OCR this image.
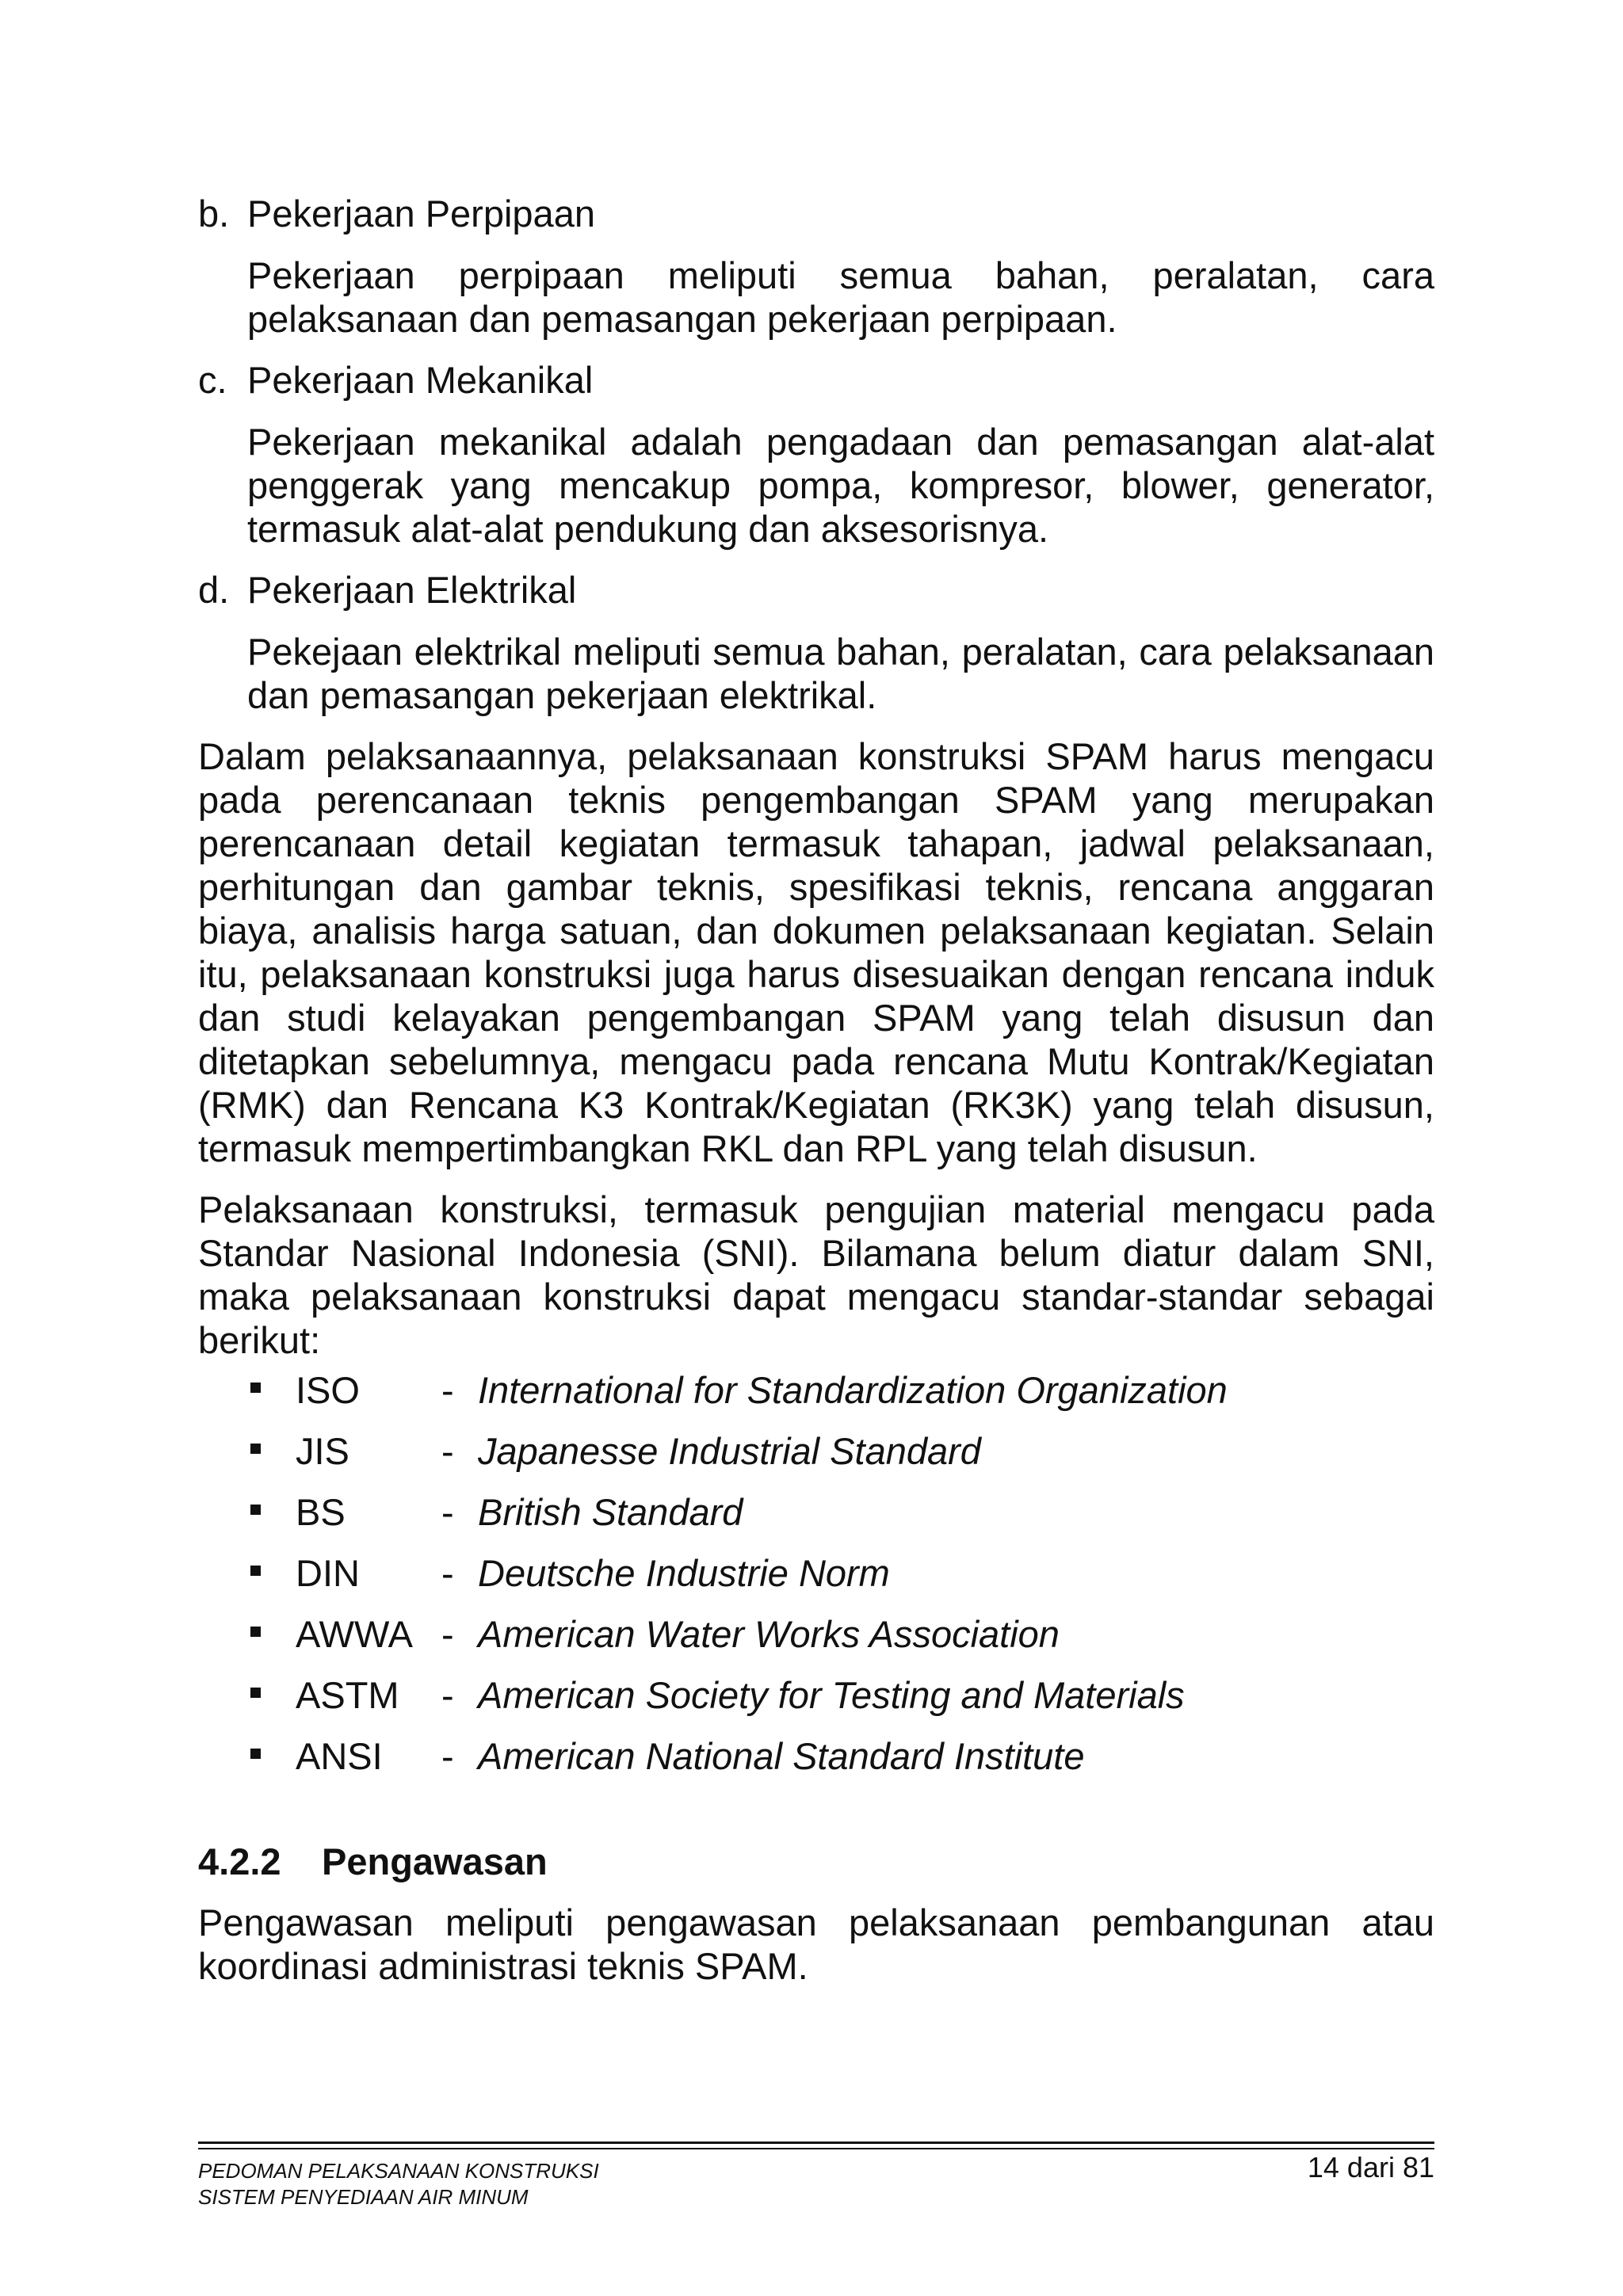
b. Pekerjaan Perpipaan
Pekerjaan perpipaan meliputi semua bahan, peralatan, cara pelaksanaan dan pemasangan pekerjaan perpipaan.
c. Pekerjaan Mekanikal
Pekerjaan mekanikal adalah pengadaan dan pemasangan alat-alat penggerak yang mencakup pompa, kompresor, blower, generator, termasuk alat-alat pendukung dan aksesorisnya.
d. Pekerjaan Elektrikal
Pekejaan elektrikal meliputi semua bahan, peralatan, cara pelaksanaan dan pemasangan pekerjaan elektrikal.

Dalam pelaksanaannya, pelaksanaan konstruksi SPAM harus mengacu pada perencanaan teknis pengembangan SPAM yang merupakan perencanaan detail kegiatan termasuk tahapan, jadwal pelaksanaan, perhitungan dan gambar teknis, spesifikasi teknis, rencana anggaran biaya, analisis harga satuan, dan dokumen pelaksanaan kegiatan. Selain itu, pelaksanaan konstruksi juga harus disesuaikan dengan rencana induk dan studi kelayakan pengembangan SPAM yang telah disusun dan ditetapkan sebelumnya, mengacu pada rencana Mutu Kontrak/Kegiatan (RMK) dan Rencana K3 Kontrak/Kegiatan (RK3K) yang telah disusun, termasuk mempertimbangkan RKL dan RPL yang telah disusun.

Pelaksanaan konstruksi, termasuk pengujian material mengacu pada Standar Nasional Indonesia (SNI). Bilamana belum diatur dalam SNI, maka pelaksanaan konstruksi dapat mengacu standar-standar sebagai berikut:

ISO	- International for Standardization Organization
JIS	- Japanesse Industrial Standard
BS	- British Standard
DIN	- Deutsche Industrie Norm
AWWA - American Water Works Association
ASTM	- American Society for Testing and Materials
ANSI	- American National Standard Institute
4.2.2	Pengawasan

Pengawasan meliputi pengawasan pelaksanaan pembangunan atau koordinasi administrasi teknis SPAM.

PEDOMAN PELAKSANAAN KONSTRUKSI
SISTEM PENYEDIAAN AIR MINUM
14 dari 81
